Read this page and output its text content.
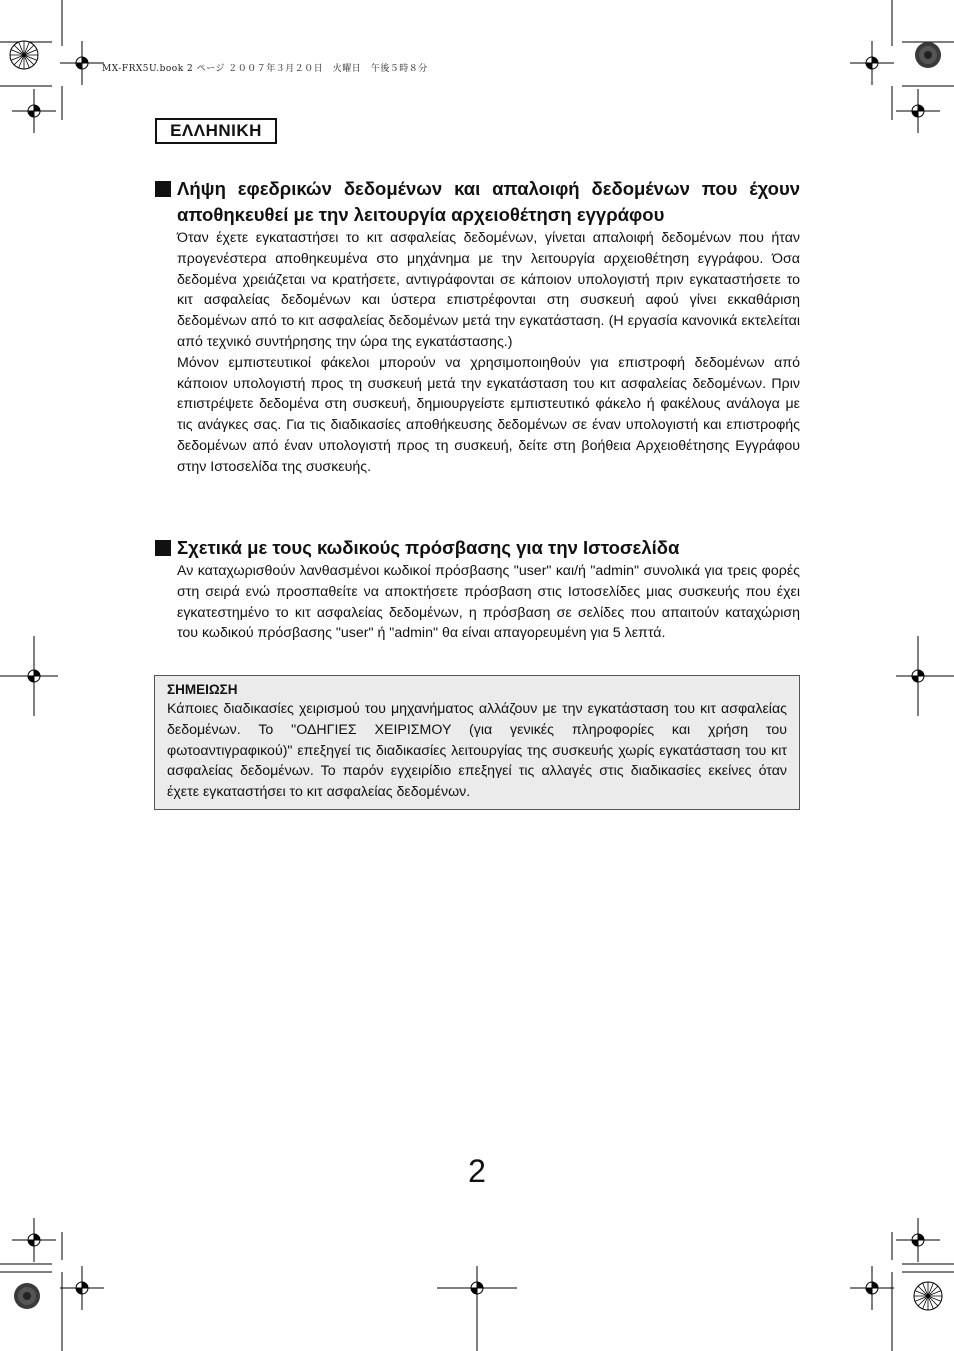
MX-FRX5U.book 2 ページ ２００７年３月２０日　火曜日　午後５時８分
ΕΛΛΗΝΙΚΗ
Λήψη εφεδρικών δεδομένων και απαλοιφή δεδομένων που έχουν αποθηκευθεί με την λειτουργία αρχειοθέτηση εγγράφου

Όταν έχετε εγκαταστήσει το κιτ ασφαλείας δεδομένων, γίνεται απαλοιφή δεδομένων που ήταν προγενέστερα αποθηκευμένα στο μηχάνημα με την λειτουργία αρχειοθέτηση εγγράφου. Όσα δεδομένα χρειάζεται να κρατήσετε, αντιγράφονται σε κάποιον υπολογιστή πριν εγκαταστήσετε το κιτ ασφαλείας δεδομένων και ύστερα επιστρέφονται στη συσκευή αφού γίνει εκκαθάριση δεδομένων από το κιτ ασφαλείας δεδομένων μετά την εγκατάσταση. (Η εργασία κανονικά εκτελείται από τεχνικό συντήρησης την ώρα της εγκατάστασης.)

Μόνον εμπιστευτικοί φάκελοι μπορούν να χρησιμοποιηθούν για επιστροφή δεδομένων από κάποιον υπολογιστή προς τη συσκευή μετά την εγκατάσταση του κιτ ασφαλείας δεδομένων. Πριν επιστρέψετε δεδομένα στη συσκευή, δημιουργείστε εμπιστευτικό φάκελο ή φακέλους ανάλογα με τις ανάγκες σας. Για τις διαδικασίες αποθήκευσης δεδομένων σε έναν υπολογιστή και επιστροφής δεδομένων από έναν υπολογιστή προς τη συσκευή, δείτε στη βοήθεια Αρχειοθέτησης Εγγράφου στην Ιστοσελίδα της συσκευής.

Σχετικά με τους κωδικούς πρόσβασης για την Ιστοσελίδα

Αν καταχωρισθούν λανθασμένοι κωδικοί πρόσβασης "user" και/ή "admin" συνολικά για τρεις φορές στη σειρά ενώ προσπαθείτε να αποκτήσετε πρόσβαση στις Ιστοσελίδες μιας συσκευής που έχει εγκατεστημένο το κιτ ασφαλείας δεδομένων, η πρόσβαση σε σελίδες που απαιτούν καταχώριση του κωδικού πρόσβασης "user" ή "admin" θα είναι απαγορευμένη για 5 λεπτά.

ΣΗΜΕΙΩΣΗ

Κάποιες διαδικασίες χειρισμού του μηχανήματος αλλάζουν με την εγκατάσταση του κιτ ασφαλείας δεδομένων. Το "ΟΔΗΓΙΕΣ ΧΕΙΡΙΣΜΟΥ (για γενικές πληροφορίες και χρήση του φωτοαντιγραφικού)" επεξηγεί τις διαδικασίες λειτουργίας της συσκευής χωρίς εγκατάσταση του κιτ ασφαλείας δεδομένων. Το παρόν εγχειρίδιο επεξηγεί τις αλλαγές στις διαδικασίες εκείνες όταν έχετε εγκαταστήσει το κιτ ασφαλείας δεδομένων.

2
